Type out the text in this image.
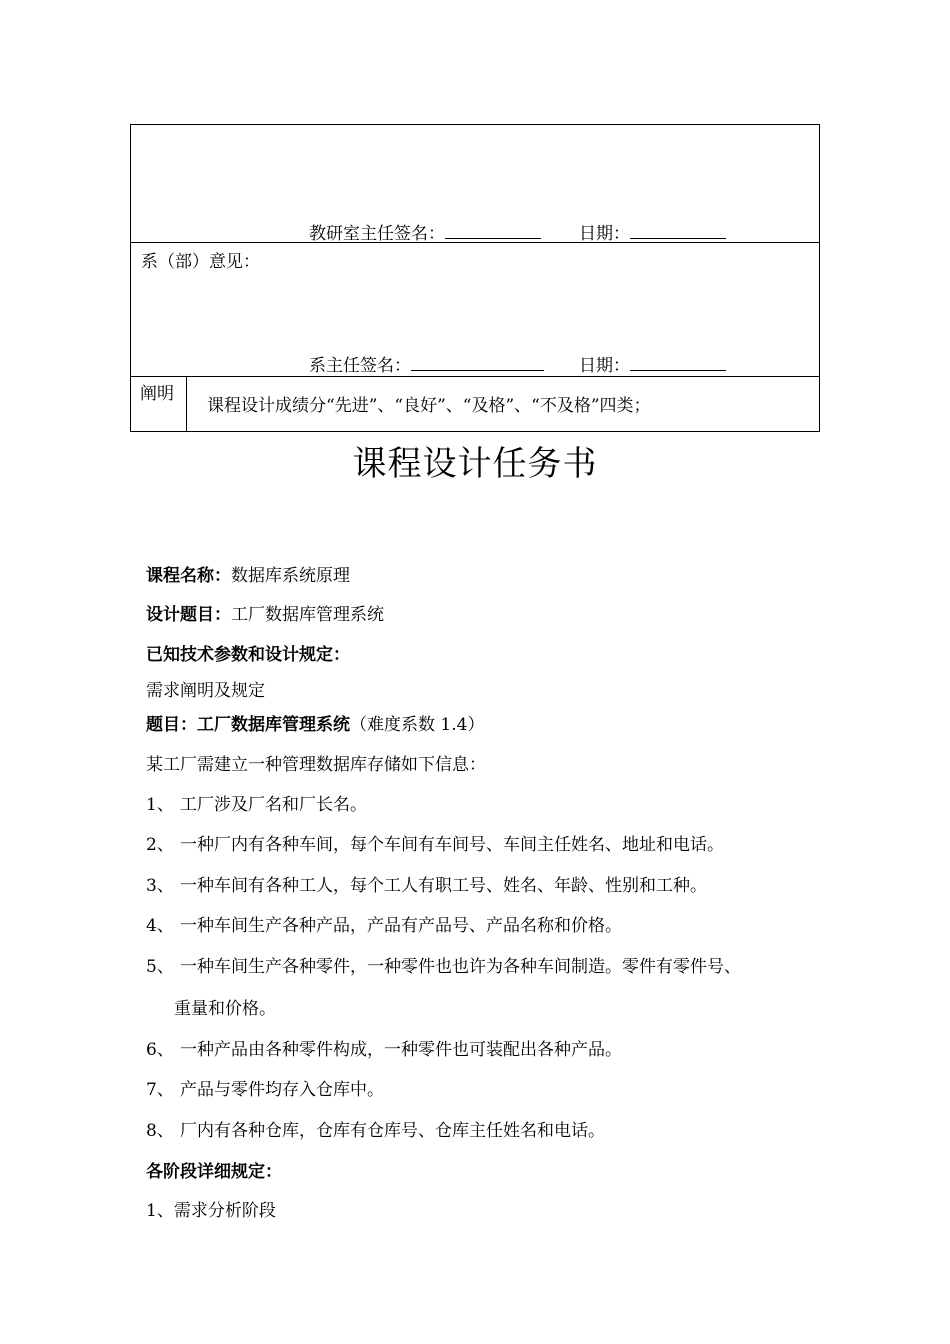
教研室主任签名：	日期：
系（部）意见：
系主任签名：	日期：
阐明
课程设计成绩分“先进”、“良好”、“及格”、“不及格”四类；
课程设计任务书
课程名称：数据库系统原理
设计题目：工厂数据库管理系统
已知技术参数和设计规定：
需求阐明及规定
题目：工厂数据库管理系统（难度系数 1.4）
某工厂需建立一种管理数据库存储如下信息：
1、 工厂涉及厂名和厂长名。
2、 一种厂内有各种车间，每个车间有车间号、车间主任姓名、地址和电话。
3、 一种车间有各种工人，每个工人有职工号、姓名、年龄、性别和工种。
4、 一种车间生产各种产品，产品有产品号、产品名称和价格。
5、 一种车间生产各种零件，一种零件也也许为各种车间制造。零件有零件号、
重量和价格。
6、 一种产品由各种零件构成，一种零件也可装配出各种产品。
7、 产品与零件均存入仓库中。
8、 厂内有各种仓库，仓库有仓库号、仓库主任姓名和电话。
各阶段详细规定：
1、需求分析阶段
